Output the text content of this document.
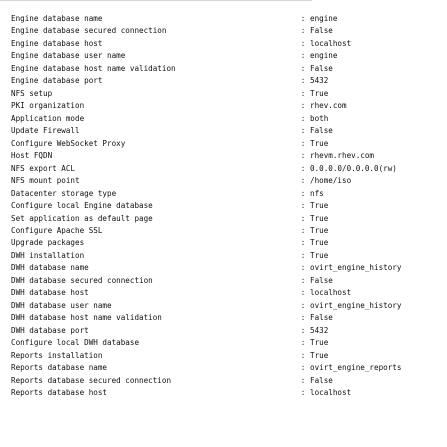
Engine database name	: engine
Engine database secured connection	: False
Engine database host	: localhost
Engine database user name	: engine
Engine database host name validation	: False
Engine database port	: 5432
NFS setup	: True
PKI organization	: rhev.com
Application mode	: both
Update Firewall	: False
Configure WebSocket Proxy	: True
Host FQDN	: rhevm.rhev.com
NFS export ACL	: 0.0.0.0/0.0.0.0(rw)
NFS mount point	: /home/iso
Datacenter storage type	: nfs
Configure local Engine database	: True
Set application as default page	: True
Configure Apache SSL	: True
Upgrade packages	: True
DWH installation	: True
DWH database name	: ovirt_engine_history
DWH database secured connection	: False
DWH database host	: localhost
DWH database user name	: ovirt_engine_history
DWH database host name validation	: False
DWH database port	: 5432
Configure local DWH database	: True
Reports installation	: True
Reports database name	: ovirt_engine_reports
Reports database secured connection	: False
Reports database host	: localhost
